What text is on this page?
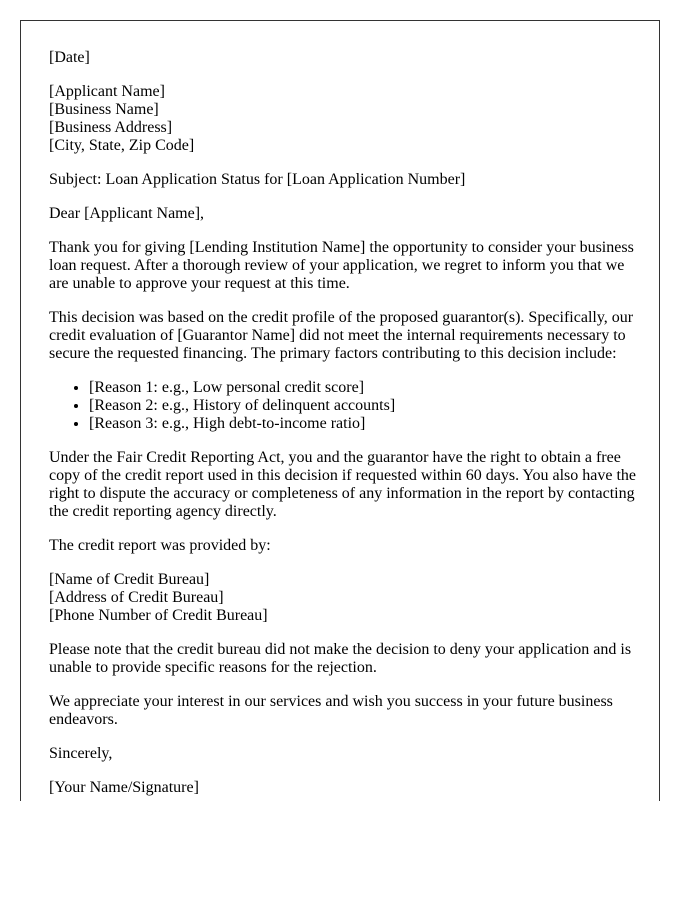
[Date]

[Applicant Name]
[Business Name]
[Business Address]
[City, State, Zip Code]

Subject: Loan Application Status for [Loan Application Number]

Dear [Applicant Name],

Thank you for giving [Lending Institution Name] the opportunity to consider your business loan request. After a thorough review of your application, we regret to inform you that we are unable to approve your request at this time.

This decision was based on the credit profile of the proposed guarantor(s). Specifically, our credit evaluation of [Guarantor Name] did not meet the internal requirements necessary to secure the requested financing. The primary factors contributing to this decision include:

• [Reason 1: e.g., Low personal credit score]
• [Reason 2: e.g., History of delinquent accounts]
• [Reason 3: e.g., High debt-to-income ratio]

Under the Fair Credit Reporting Act, you and the guarantor have the right to obtain a free copy of the credit report used in this decision if requested within 60 days. You also have the right to dispute the accuracy or completeness of any information in the report by contacting the credit reporting agency directly.

The credit report was provided by:

[Name of Credit Bureau]
[Address of Credit Bureau]
[Phone Number of Credit Bureau]

Please note that the credit bureau did not make the decision to deny your application and is unable to provide specific reasons for the rejection.

We appreciate your interest in our services and wish you success in your future business endeavors.

Sincerely,

[Your Name/Signature]
